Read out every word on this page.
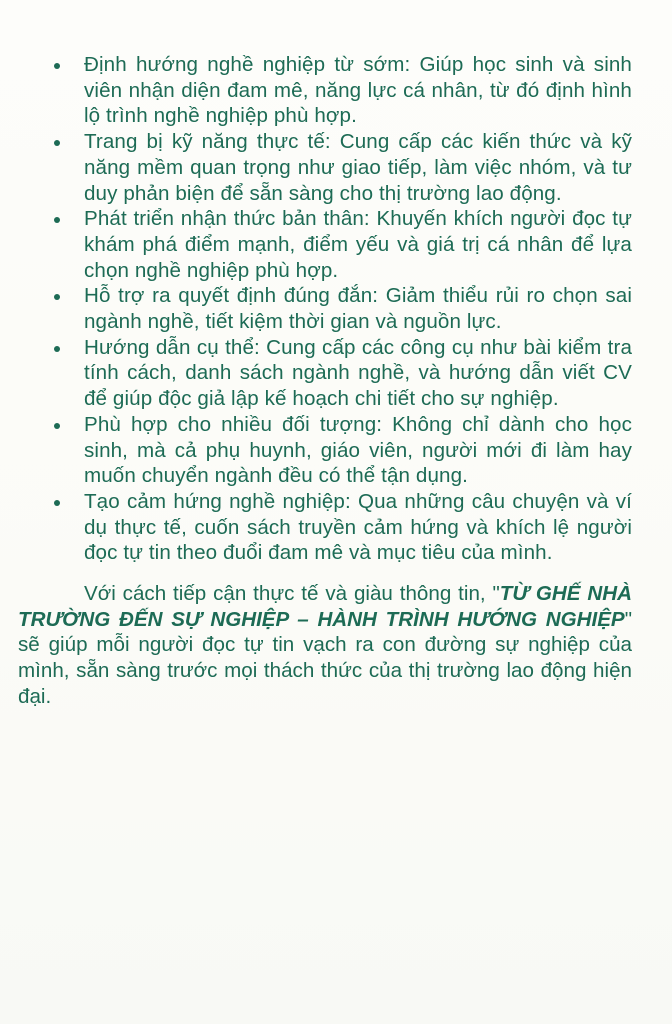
Định hướng nghề nghiệp từ sớm: Giúp học sinh và sinh viên nhận diện đam mê, năng lực cá nhân, từ đó định hình lộ trình nghề nghiệp phù hợp.
Trang bị kỹ năng thực tế: Cung cấp các kiến thức và kỹ năng mềm quan trọng như giao tiếp, làm việc nhóm, và tư duy phản biện để sẵn sàng cho thị trường lao động.
Phát triển nhận thức bản thân: Khuyến khích người đọc tự khám phá điểm mạnh, điểm yếu và giá trị cá nhân để lựa chọn nghề nghiệp phù hợp.
Hỗ trợ ra quyết định đúng đắn: Giảm thiểu rủi ro chọn sai ngành nghề, tiết kiệm thời gian và nguồn lực.
Hướng dẫn cụ thể: Cung cấp các công cụ như bài kiểm tra tính cách, danh sách ngành nghề, và hướng dẫn viết CV để giúp độc giả lập kế hoạch chi tiết cho sự nghiệp.
Phù hợp cho nhiều đối tượng: Không chỉ dành cho học sinh, mà cả phụ huynh, giáo viên, người mới đi làm hay muốn chuyển ngành đều có thể tận dụng.
Tạo cảm hứng nghề nghiệp: Qua những câu chuyện và ví dụ thực tế, cuốn sách truyền cảm hứng và khích lệ người đọc tự tin theo đuổi đam mê và mục tiêu của mình.

Với cách tiếp cận thực tế và giàu thông tin, "TỪ GHẾ NHÀ TRƯỜNG ĐẾN SỰ NGHIỆP – HÀNH TRÌNH HƯỚNG NGHIỆP" sẽ giúp mỗi người đọc tự tin vạch ra con đường sự nghiệp của mình, sẵn sàng trước mọi thách thức của thị trường lao động hiện đại.
